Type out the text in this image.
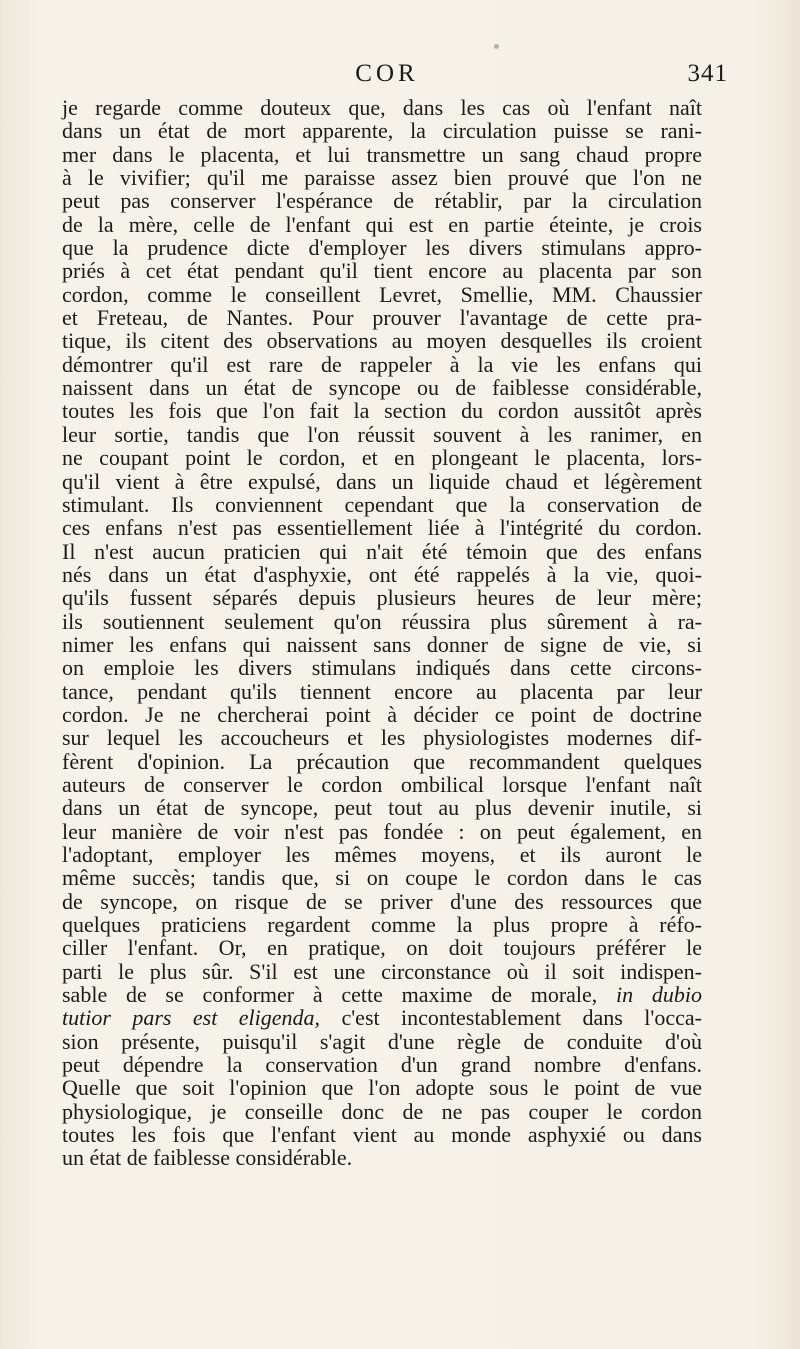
COR	341
je regarde comme douteux que, dans les cas où l'enfant naît
dans un état de mort apparente, la circulation puisse se rani-
mer dans le placenta, et lui transmettre un sang chaud propre
à le vivifier; qu'il me paraisse assez bien prouvé que l'on ne
peut pas conserver l'espérance de rétablir, par la circulation
de la mère, celle de l'enfant qui est en partie éteinte, je crois
que la prudence dicte d'employer les divers stimulans appro-
priés à cet état pendant qu'il tient encore au placenta par son
cordon, comme le conseillent Levret, Smellie, MM. Chaussier
et Freteau, de Nantes. Pour prouver l'avantage de cette pra-
tique, ils citent des observations au moyen desquelles ils croient
démontrer qu'il est rare de rappeler à la vie les enfans qui
naissent dans un état de syncope ou de faiblesse considérable,
toutes les fois que l'on fait la section du cordon aussitôt après
leur sortie, tandis que l'on réussit souvent à les ranimer, en
ne coupant point le cordon, et en plongeant le placenta, lors-
qu'il vient à être expulsé, dans un liquide chaud et légèrement
stimulant. Ils conviennent cependant que la conservation de
ces enfans n'est pas essentiellement liée à l'intégrité du cordon.
Il n'est aucun praticien qui n'ait été témoin que des enfans
nés dans un état d'asphyxie, ont été rappelés à la vie, quoi-
qu'ils fussent séparés depuis plusieurs heures de leur mère;
ils soutiennent seulement qu'on réussira plus sûrement à ra-
nimer les enfans qui naissent sans donner de signe de vie, si
on emploie les divers stimulans indiqués dans cette circons-
tance, pendant qu'ils tiennent encore au placenta par leur
cordon. Je ne chercherai point à décider ce point de doctrine
sur lequel les accoucheurs et les physiologistes modernes dif-
fèrent d'opinion. La précaution que recommandent quelques
auteurs de conserver le cordon ombilical lorsque l'enfant naît
dans un état de syncope, peut tout au plus devenir inutile, si
leur manière de voir n'est pas fondée : on peut également, en
l'adoptant, employer les mêmes moyens, et ils auront le
même succès; tandis que, si on coupe le cordon dans le cas
de syncope, on risque de se priver d'une des ressources que
quelques praticiens regardent comme la plus propre à réfo-
ciller l'enfant. Or, en pratique, on doit toujours préférer le
parti le plus sûr. S'il est une circonstance où il soit indispen-
sable de se conformer à cette maxime de morale, in dubio
tutior pars est eligenda, c'est incontestablement dans l'occa-
sion présente, puisqu'il s'agit d'une règle de conduite d'où
peut dépendre la conservation d'un grand nombre d'enfans.
Quelle que soit l'opinion que l'on adopte sous le point de vue
physiologique, je conseille donc de ne pas couper le cordon
toutes les fois que l'enfant vient au monde asphyxié ou dans
un état de faiblesse considérable.
